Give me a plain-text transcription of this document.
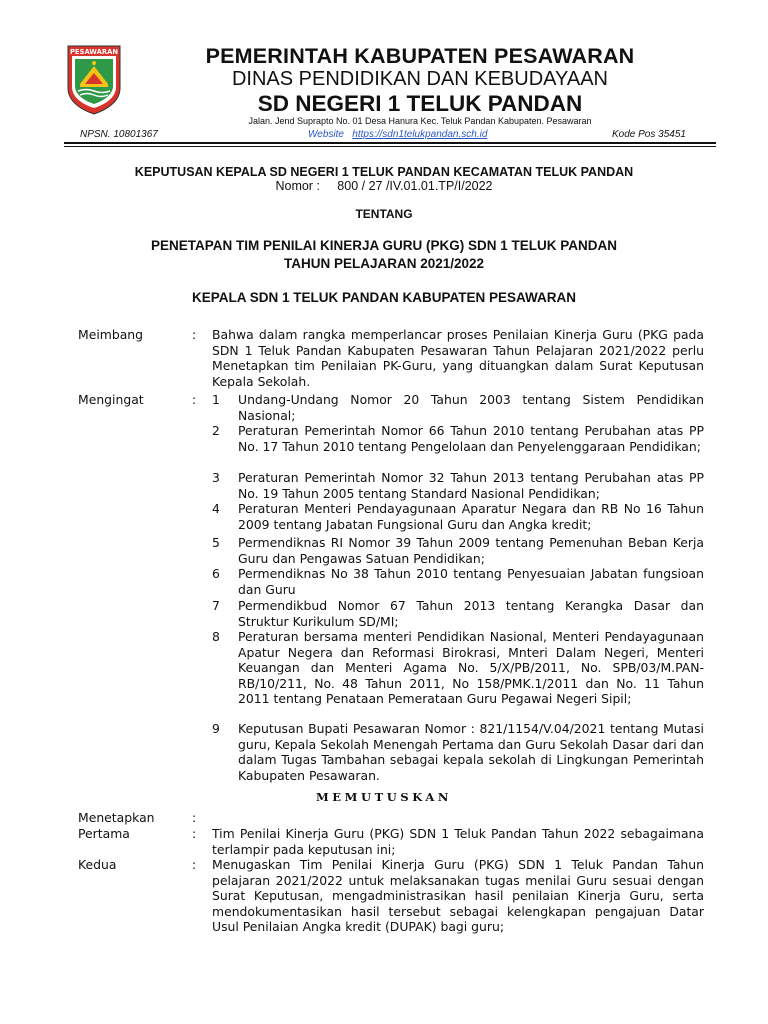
PESAWARAN	PEMERINTAH KABUPATEN PESAWARAN
DINAS PENDIDIKAN DAN KEBUDAYAAN
SD NEGERI 1 TELUK PANDAN
Jalan. Jend Suprapto No. 01 Desa Hanura Kec. Teluk Pandan Kabupaten. Pesawaran
NPSN. 10801367	Website https://sdn1telukpandan.sch.id	Kode Pos 35451
KEPUTUSAN KEPALA SD NEGERI 1 TELUK PANDAN KECAMATAN TELUK PANDAN
Nomor :     800 / 27 /IV.01.01.TP/I/2022
TENTANG
PENETAPAN TIM PENILAI KINERJA GURU (PKG) SDN 1 TELUK PANDAN
TAHUN PELAJARAN 2021/2022
KEPALA SDN 1 TELUK PANDAN KABUPATEN PESAWARAN
Meimbang	: Bahwa dalam rangka memperlancar proses Penilaian Kinerja Guru (PKG pada SDN 1 Teluk Pandan Kabupaten Pesawaran Tahun Pelajaran 2021/2022 perlu Menetapkan tim Penilaian PK-Guru, yang dituangkan dalam Surat Keputusan Kepala Sekolah.
Mengingat	: 1 Undang-Undang Nomor 20 Tahun 2003 tentang Sistem Pendidikan Nasional;
2 Peraturan Pemerintah Nomor 66 Tahun 2010 tentang Perubahan atas PP No. 17 Tahun 2010 tentang Pengelolaan dan Penyelenggaraan Pendidikan;
3 Peraturan Pemerintah Nomor 32 Tahun 2013 tentang Perubahan atas PP No. 19 Tahun 2005 tentang Standard Nasional Pendidikan;
4 Peraturan Menteri Pendayagunaan Aparatur Negara dan RB No 16 Tahun 2009 tentang Jabatan Fungsional Guru dan Angka kredit;
5 Permendiknas RI Nomor 39 Tahun 2009 tentang Pemenuhan Beban Kerja Guru dan Pengawas Satuan Pendidikan;
6 Permendiknas No 38 Tahun 2010 tentang Penyesuaian Jabatan fungsioan dan Guru
7 Permendikbud Nomor 67 Tahun 2013 tentang Kerangka Dasar dan Struktur Kurikulum SD/MI;
8 Peraturan bersama menteri Pendidikan Nasional, Menteri Pendayagunaan Apatur Negera dan Reformasi Birokrasi, Mnteri Dalam Negeri, Menteri Keuangan dan Menteri Agama No. 5/X/PB/2011, No. SPB/03/M.PAN-RB/10/211, No. 48 Tahun 2011, No 158/PMK.1/2011 dan No. 11 Tahun 2011 tentang Penataan Pemerataan Guru Pegawai Negeri Sipil;
9 Keputusan Bupati Pesawaran Nomor : 821/1154/V.04/2021 tentang Mutasi guru, Kepala Sekolah Menengah Pertama dan Guru Sekolah Dasar dari dan dalam Tugas Tambahan sebagai kepala sekolah di Lingkungan Pemerintah Kabupaten Pesawaran.
MEMUTUSKAN
Menetapkan	:
Pertama	: Tim Penilai Kinerja Guru (PKG) SDN 1 Teluk Pandan Tahun 2022 sebagaimana terlampir pada keputusan ini;
Kedua	: Menugaskan Tim Penilai Kinerja Guru (PKG) SDN 1 Teluk Pandan Tahun pelajaran 2021/2022 untuk melaksanakan tugas menilai Guru sesuai dengan Surat Keputusan, mengadministrasikan hasil penilaian Kinerja Guru, serta mendokumentasikan hasil tersebut sebagai kelengkapan pengajuan Datar Usul Penilaian Angka kredit (DUPAK) bagi guru;
